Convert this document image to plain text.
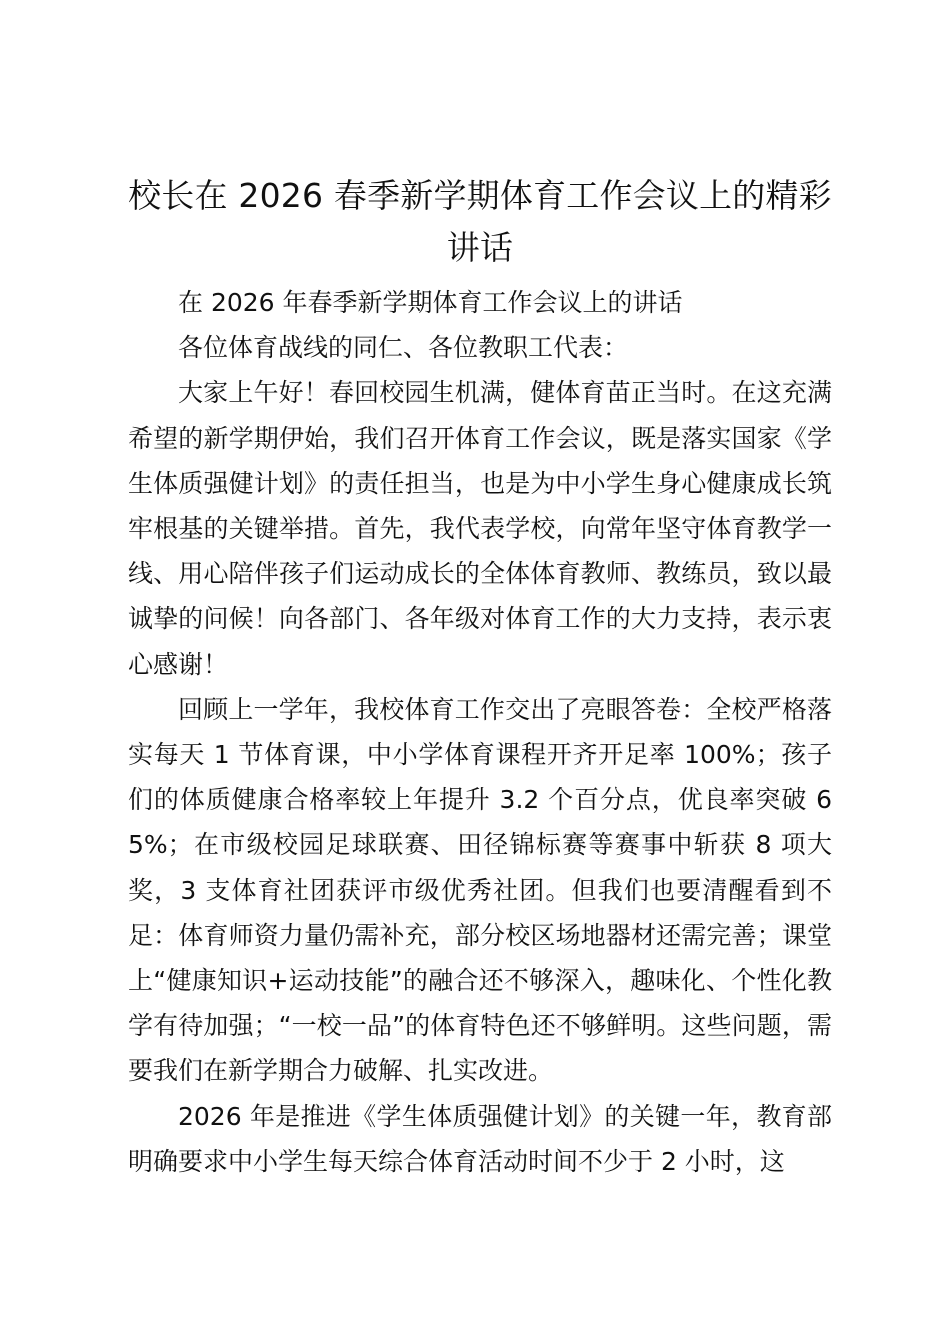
校长在 2026 春季新学期体育工作会议上的精彩讲话

在 2026 年春季新学期体育工作会议上的讲话

各位体育战线的同仁、各位教职工代表：

大家上午好！春回校园生机满，健体育苗正当时。在这充满希望的新学期伊始，我们召开体育工作会议，既是落实国家《学生体质强健计划》的责任担当，也是为中小学生身心健康成长筑牢根基的关键举措。首先，我代表学校，向常年坚守体育教学一线、用心陪伴孩子们运动成长的全体体育教师、教练员，致以最诚挚的问候！向各部门、各年级对体育工作的大力支持，表示衷心感谢！

回顾上一学年，我校体育工作交出了亮眼答卷：全校严格落实每天 1 节体育课，中小学体育课程开齐开足率 100%；孩子们的体质健康合格率较上年提升 3.2 个百分点，优良率突破 65%；在市级校园足球联赛、田径锦标赛等赛事中斩获 8 项大奖，3 支体育社团获评市级优秀社团。但我们也要清醒看到不足：体育师资力量仍需补充，部分校区场地器材还需完善；课堂上“健康知识+运动技能”的融合还不够深入，趣味化、个性化教学有待加强；“一校一品”的体育特色还不够鲜明。这些问题，需要我们在新学期合力破解、扎实改进。

2026 年是推进《学生体质强健计划》的关键一年，教育部明确要求中小学生每天综合体育活动时间不少于 2 小时，这
